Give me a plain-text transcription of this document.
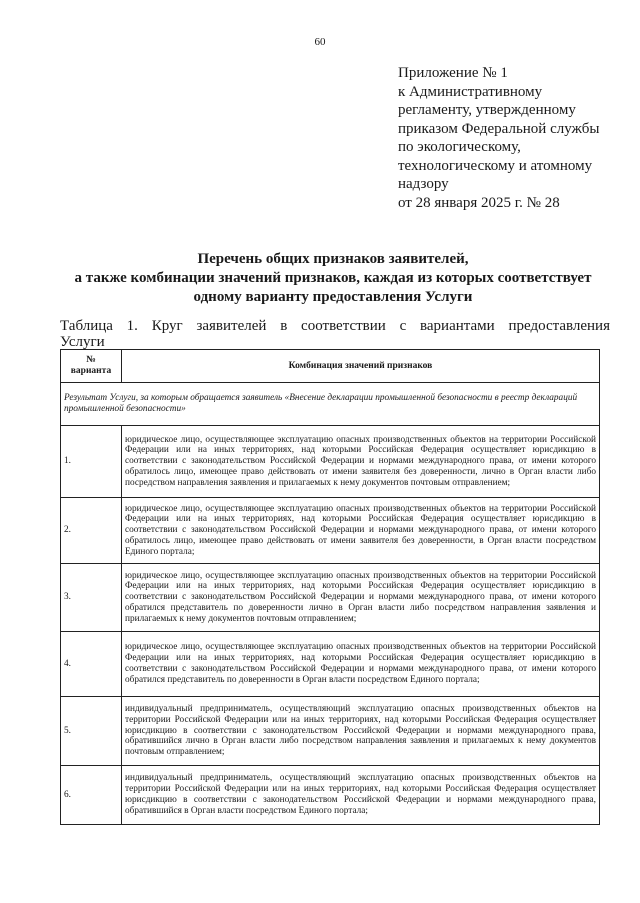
60
Приложение № 1
к Административному
регламенту, утвержденному
приказом Федеральной службы
по экологическому,
технологическому и атомному
надзору
от 28 января 2025 г. № 28
Перечень общих признаков заявителей,
а также комбинации значений признаков, каждая из которых соответствует
одному варианту предоставления Услуги
Таблица 1. Круг заявителей в соответствии с вариантами предоставления
Услуги
№
варианта	Комбинация значений признаков
Результат Услуги, за которым обращается заявитель «Внесение декларации промышленной безопасности в реестр деклараций промышленной безопасности»	
1.	юридическое лицо, осуществляющее эксплуатацию опасных производственных объектов на территории Российской Федерации или на иных территориях, над которыми Российская Федерация осуществляет юрисдикцию в соответствии с законодательством Российской Федерации и нормами международного права, от имени которого обратилось лицо, имеющее право действовать от имени заявителя без доверенности, лично в Орган власти либо посредством направления заявления и прилагаемых к нему документов почтовым отправлением;
2.	юридическое лицо, осуществляющее эксплуатацию опасных производственных объектов на территории Российской Федерации или на иных территориях, над которыми Российская Федерация осуществляет юрисдикцию в соответствии с законодательством Российской Федерации и нормами международного права, от имени которого обратилось лицо, имеющее право действовать от имени заявителя без доверенности, в Орган власти посредством Единого портала;
3.	юридическое лицо, осуществляющее эксплуатацию опасных производственных объектов на территории Российской Федерации или на иных территориях, над которыми Российская Федерация осуществляет юрисдикцию в соответствии с законодательством Российской Федерации и нормами международного права, от имени которого обратился представитель по доверенности лично в Орган власти либо посредством направления заявления и прилагаемых к нему документов почтовым отправлением;
4.	юридическое лицо, осуществляющее эксплуатацию опасных производственных объектов на территории Российской Федерации или на иных территориях, над которыми Российская Федерация осуществляет юрисдикцию в соответствии с законодательством Российской Федерации и нормами международного права, от имени которого обратился представитель по доверенности в Орган власти посредством Единого портала;
5.	индивидуальный предприниматель, осуществляющий эксплуатацию опасных производственных объектов на территории Российской Федерации или на иных территориях, над которыми Российская Федерация осуществляет юрисдикцию в соответствии с законодательством Российской Федерации и нормами международного права, обратившийся лично в Орган власти либо посредством направления заявления и прилагаемых к нему документов почтовым отправлением;
6.	индивидуальный предприниматель, осуществляющий эксплуатацию опасных производственных объектов на территории Российской Федерации или на иных территориях, над которыми Российская Федерация осуществляет юрисдикцию в соответствии с законодательством Российской Федерации и нормами международного права, обратившийся в Орган власти посредством Единого портала;
